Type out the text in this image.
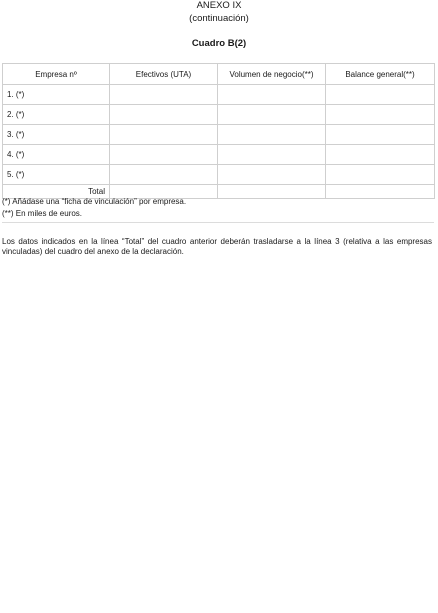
ANEXO IX
(continuación)
Cuadro B(2)
Empresa nº	Efectivos (UTA)	Volumen de negocio(**)	Balance general(**)
1. (*)			
2. (*)			
3. (*)			
4. (*)			
5. (*)			
Total			
(*) Añádase una “ficha de vinculación” por empresa.
(**) En miles de euros.
Los datos indicados en la línea “Total” del cuadro anterior deberán trasladarse a la línea 3 (relativa a las empresas vinculadas) del cuadro del anexo de la declaración.
